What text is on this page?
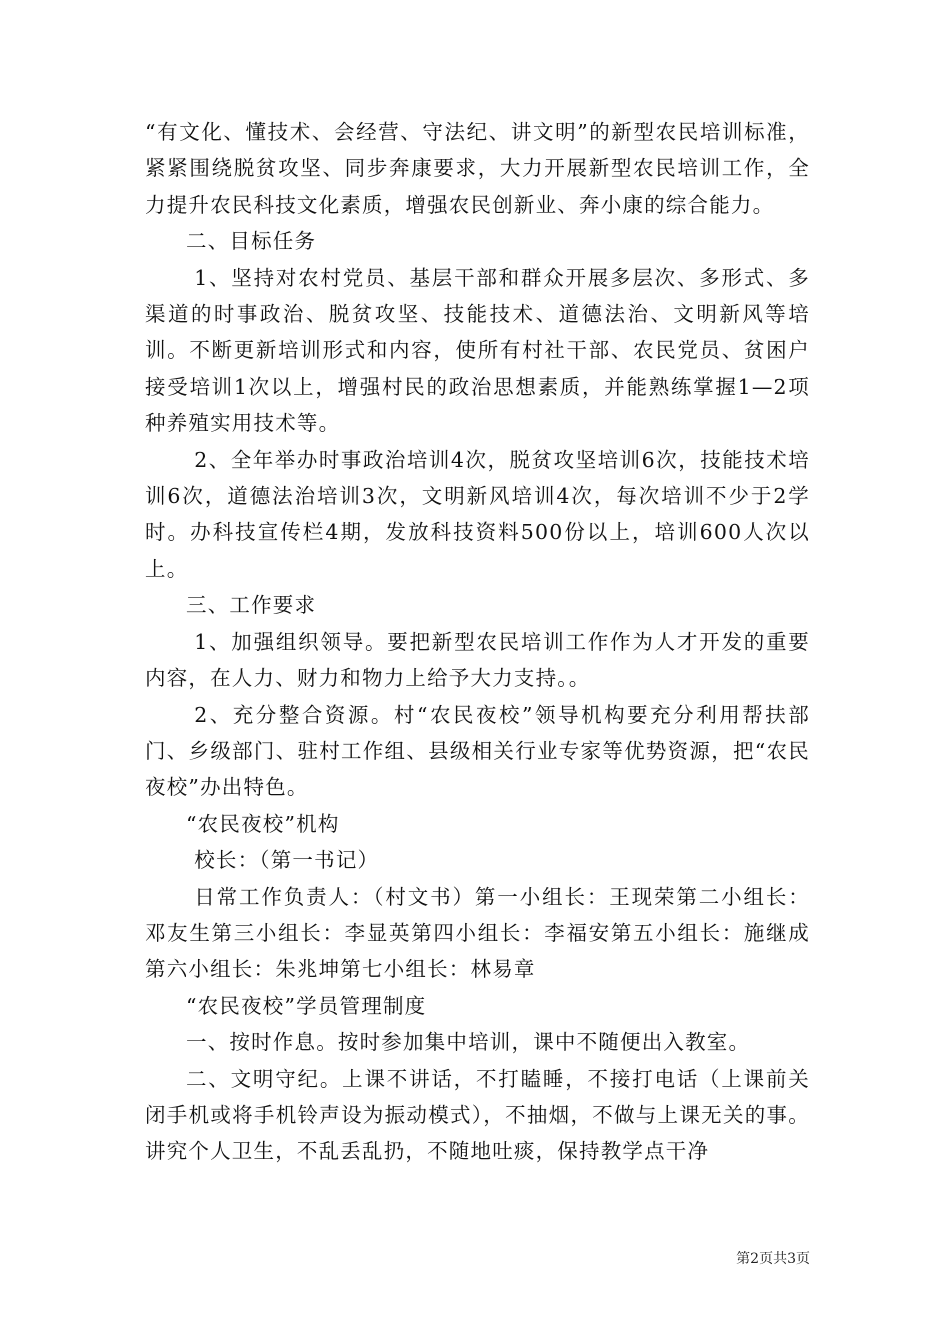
“有文化、懂技术、会经营、守法纪、讲文明”的新型农民培训标准，紧紧围绕脱贫攻坚、同步奔康要求，大力开展新型农民培训工作，全力提升农民科技文化素质，增强农民创新业、奔小康的综合能力。

二、目标任务

1、坚持对农村党员、基层干部和群众开展多层次、多形式、多渠道的时事政治、脱贫攻坚、技能技术、道德法治、文明新风等培训。不断更新培训形式和内容，使所有村社干部、农民党员、贫困户接受培训1次以上，增强村民的政治思想素质，并能熟练掌握1—2项种养殖实用技术等。

2、全年举办时事政治培训4次，脱贫攻坚培训6次，技能技术培训6次，道德法治培训3次，文明新风培训4次，每次培训不少于2学时。办科技宣传栏4期，发放科技资料500份以上，培训600人次以上。

三、工作要求

1、加强组织领导。要把新型农民培训工作作为人才开发的重要内容，在人力、财力和物力上给予大力支持。。

2、充分整合资源。村“农民夜校”领导机构要充分利用帮扶部门、乡级部门、驻村工作组、县级相关行业专家等优势资源，把“农民夜校”办出特色。

“农民夜校”机构

校长：（第一书记）

日常工作负责人：（村文书）第一小组长：王现荣第二小组长：邓友生第三小组长：李显英第四小组长：李福安第五小组长：施继成第六小组长：朱兆坤第七小组长：林易章

“农民夜校”学员管理制度

一、按时作息。按时参加集中培训，课中不随便出入教室。

二、文明守纪。上课不讲话，不打瞌睡，不接打电话（上课前关闭手机或将手机铃声设为振动模式），不抽烟，不做与上课无关的事。讲究个人卫生，不乱丢乱扔，不随地吐痰，保持教学点干净

第2页共3页
